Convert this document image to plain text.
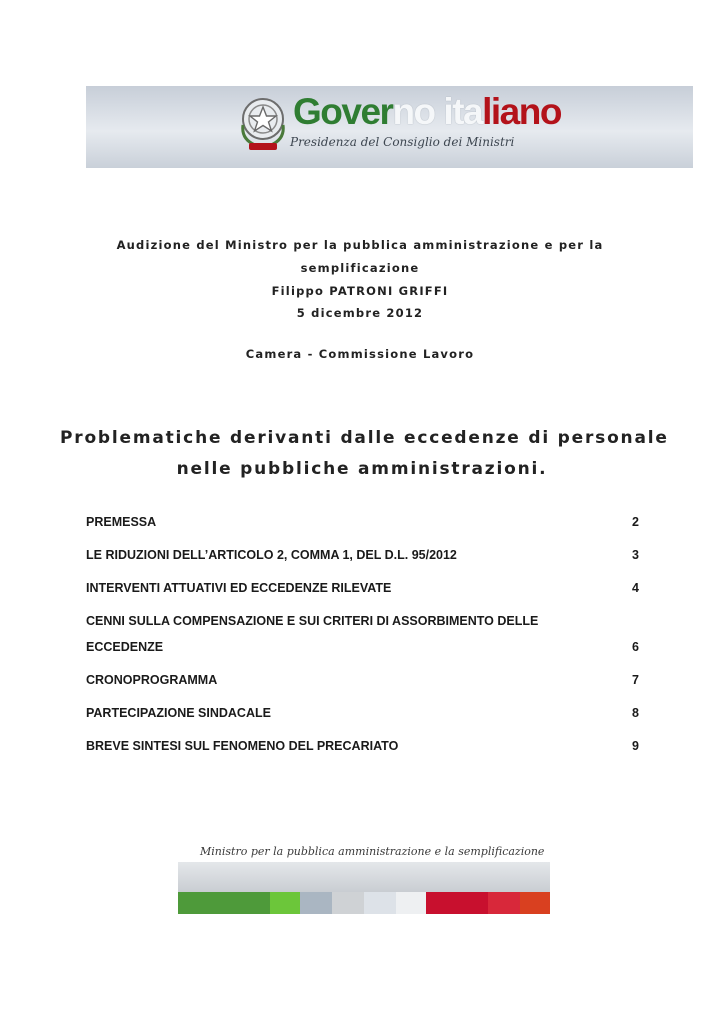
Governo italiano
Presidenza del Consiglio dei Ministri
Audizione del Ministro per la pubblica amministrazione e per la
semplificazione
Filippo PATRONI GRIFFI
5 dicembre 2012
Camera - Commissione Lavoro
Problematiche derivanti dalle eccedenze di personale
nelle pubbliche amministrazioni.
PREMESSA	2
LE RIDUZIONI DELL’ARTICOLO 2, COMMA 1, DEL D.L. 95/2012	3
INTERVENTI ATTUATIVI ED ECCEDENZE RILEVATE	4
CENNI SULLA COMPENSAZIONE E SUI CRITERI DI ASSORBIMENTO DELLE
ECCEDENZE	6
CRONOPROGRAMMA	7
PARTECIPAZIONE SINDACALE	8
BREVE SINTESI SUL FENOMENO DEL PRECARIATO	9
Ministro per la pubblica amministrazione e la semplificazione
